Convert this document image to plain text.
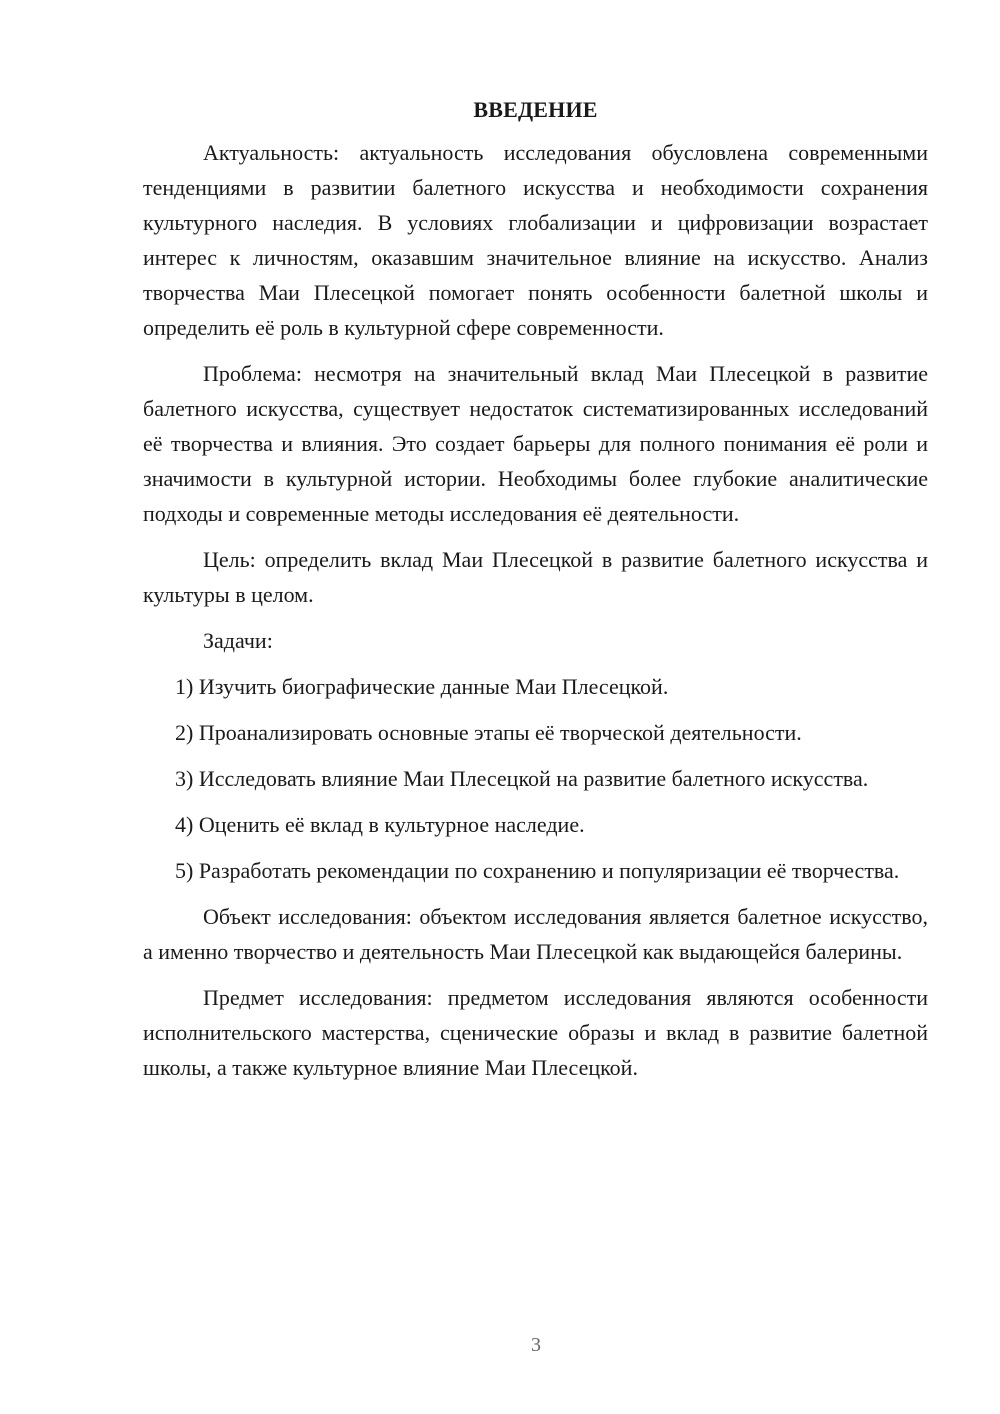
ВВЕДЕНИЕ

Актуальность: актуальность исследования обусловлена современными тенденциями в развитии балетного искусства и необходимости сохранения культурного наследия. В условиях глобализации и цифровизации возрастает интерес к личностям, оказавшим значительное влияние на искусство. Анализ творчества Маи Плесецкой помогает понять особенности балетной школы и определить её роль в культурной сфере современности.

Проблема: несмотря на значительный вклад Маи Плесецкой в развитие балетного искусства, существует недостаток систематизированных исследований её творчества и влияния. Это создает барьеры для полного понимания её роли и значимости в культурной истории. Необходимы более глубокие аналитические подходы и современные методы исследования её деятельности.

Цель: определить вклад Маи Плесецкой в развитие балетного искусства и культуры в целом.

Задачи:

1) Изучить биографические данные Маи Плесецкой.

2) Проанализировать основные этапы её творческой деятельности.

3) Исследовать влияние Маи Плесецкой на развитие балетного искусства.

4) Оценить её вклад в культурное наследие.

5) Разработать рекомендации по сохранению и популяризации её творчества.

Объект исследования: объектом исследования является балетное искусство, а именно творчество и деятельность Маи Плесецкой как выдающейся балерины.

Предмет исследования: предметом исследования являются особенности исполнительского мастерства, сценические образы и вклад в развитие балетной школы, а также культурное влияние Маи Плесецкой.

3
